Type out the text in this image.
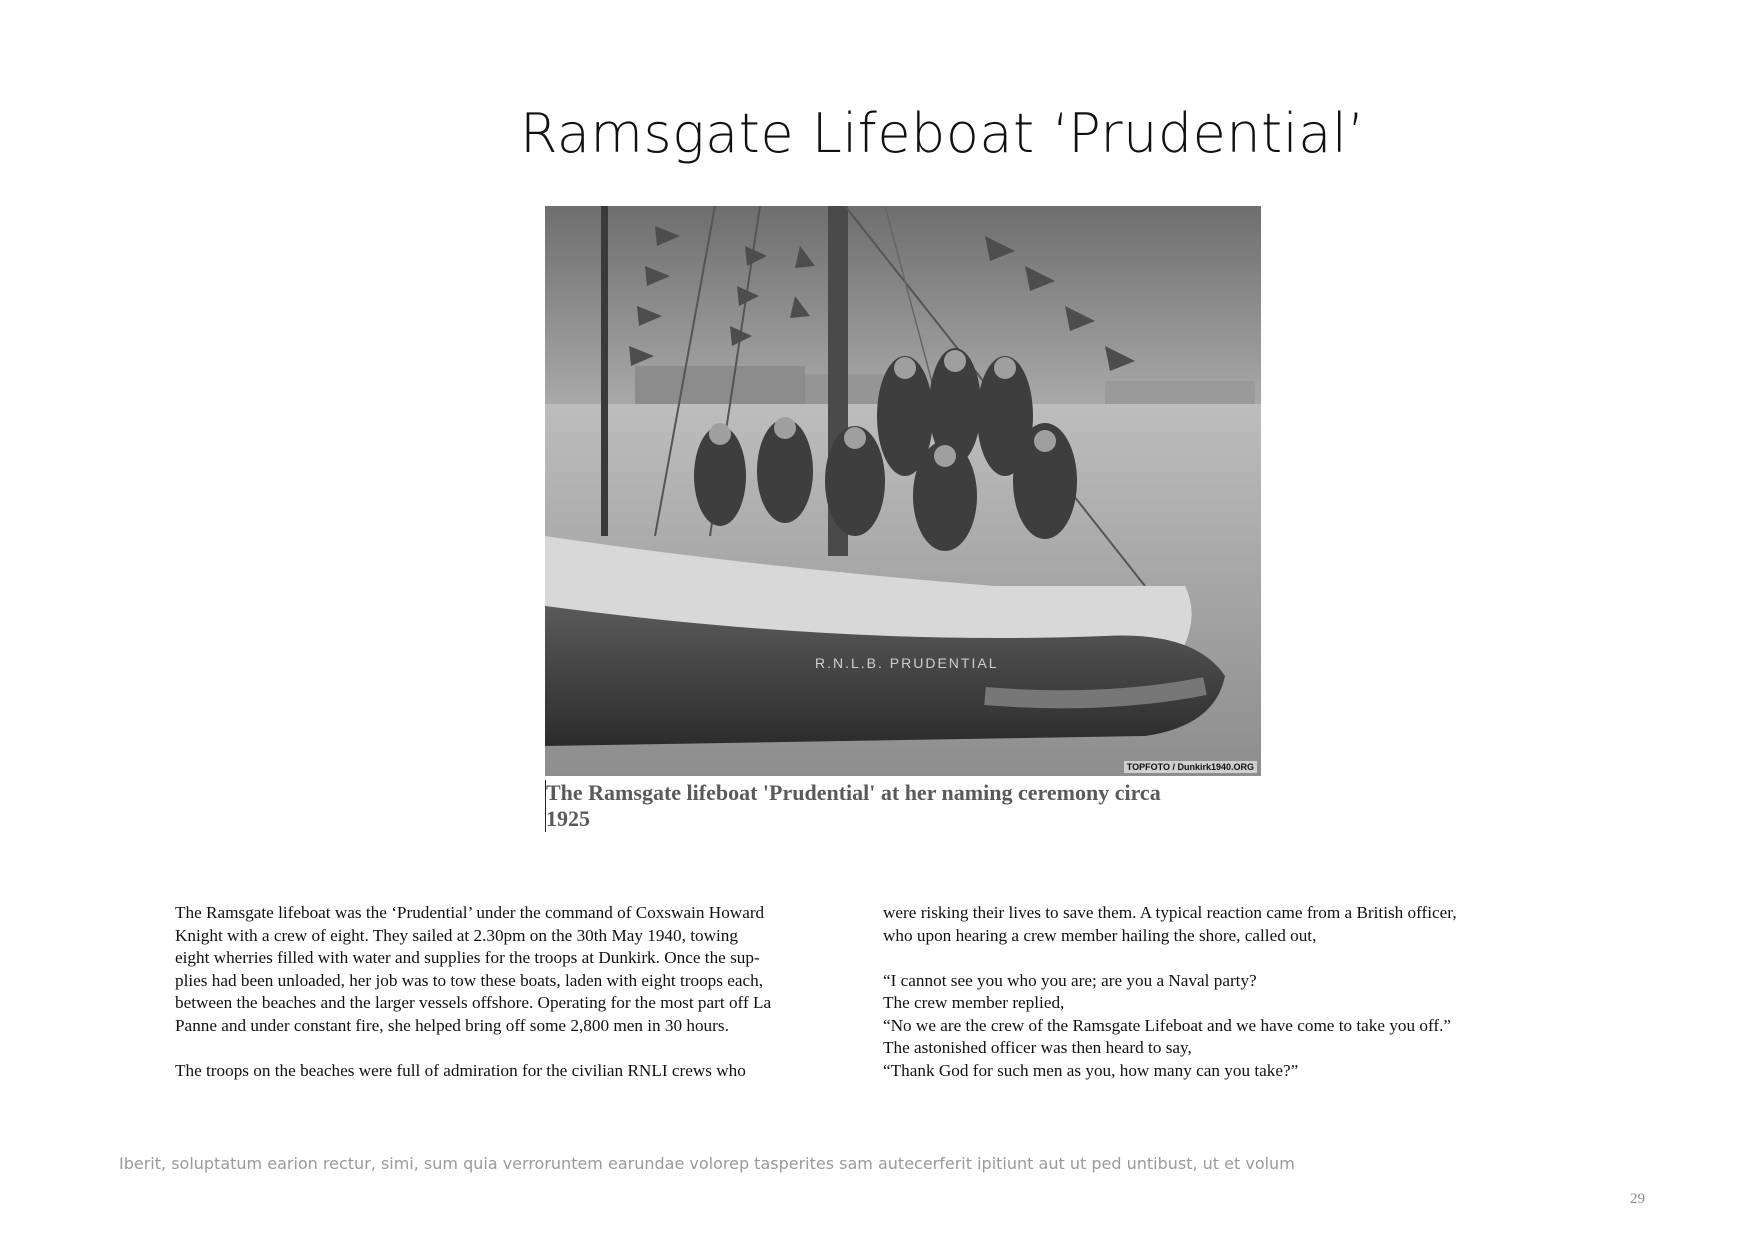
Ramsgate Lifeboat ‘Prudential’
R.N.L.B. PRUDENTIAL
TOPFOTO / Dunkirk1940.ORG
The Ramsgate lifeboat 'Prudential' at her naming ceremony circa
1925
The Ramsgate lifeboat was the ‘Prudential’ under the command of Coxswain Howard
Knight with a crew of eight. They sailed at 2.30pm on the 30th May 1940, towing
eight wherries filled with water and supplies for the troops at Dunkirk. Once the sup-
plies had been unloaded, her job was to tow these boats, laden with eight troops each,
between the beaches and the larger vessels offshore. Operating for the most part off La
Panne and under constant fire, she helped bring off some 2,800 men in 30 hours.
The troops on the beaches were full of admiration for the civilian RNLI crews who
were risking their lives to save them. A typical reaction came from a British officer,
who upon hearing a crew member hailing the shore, called out,
“I cannot see you who you are; are you a Naval party?
The crew member replied,
“No we are the crew of the Ramsgate Lifeboat and we have come to take you off.”
The astonished officer was then heard to say,
“Thank God for such men as you, how many can you take?”
Iberit, soluptatum earion rectur, simi, sum quia verroruntem earundae volorep tasperites sam autecerferit ipitiunt aut ut ped untibust, ut et volum
29
